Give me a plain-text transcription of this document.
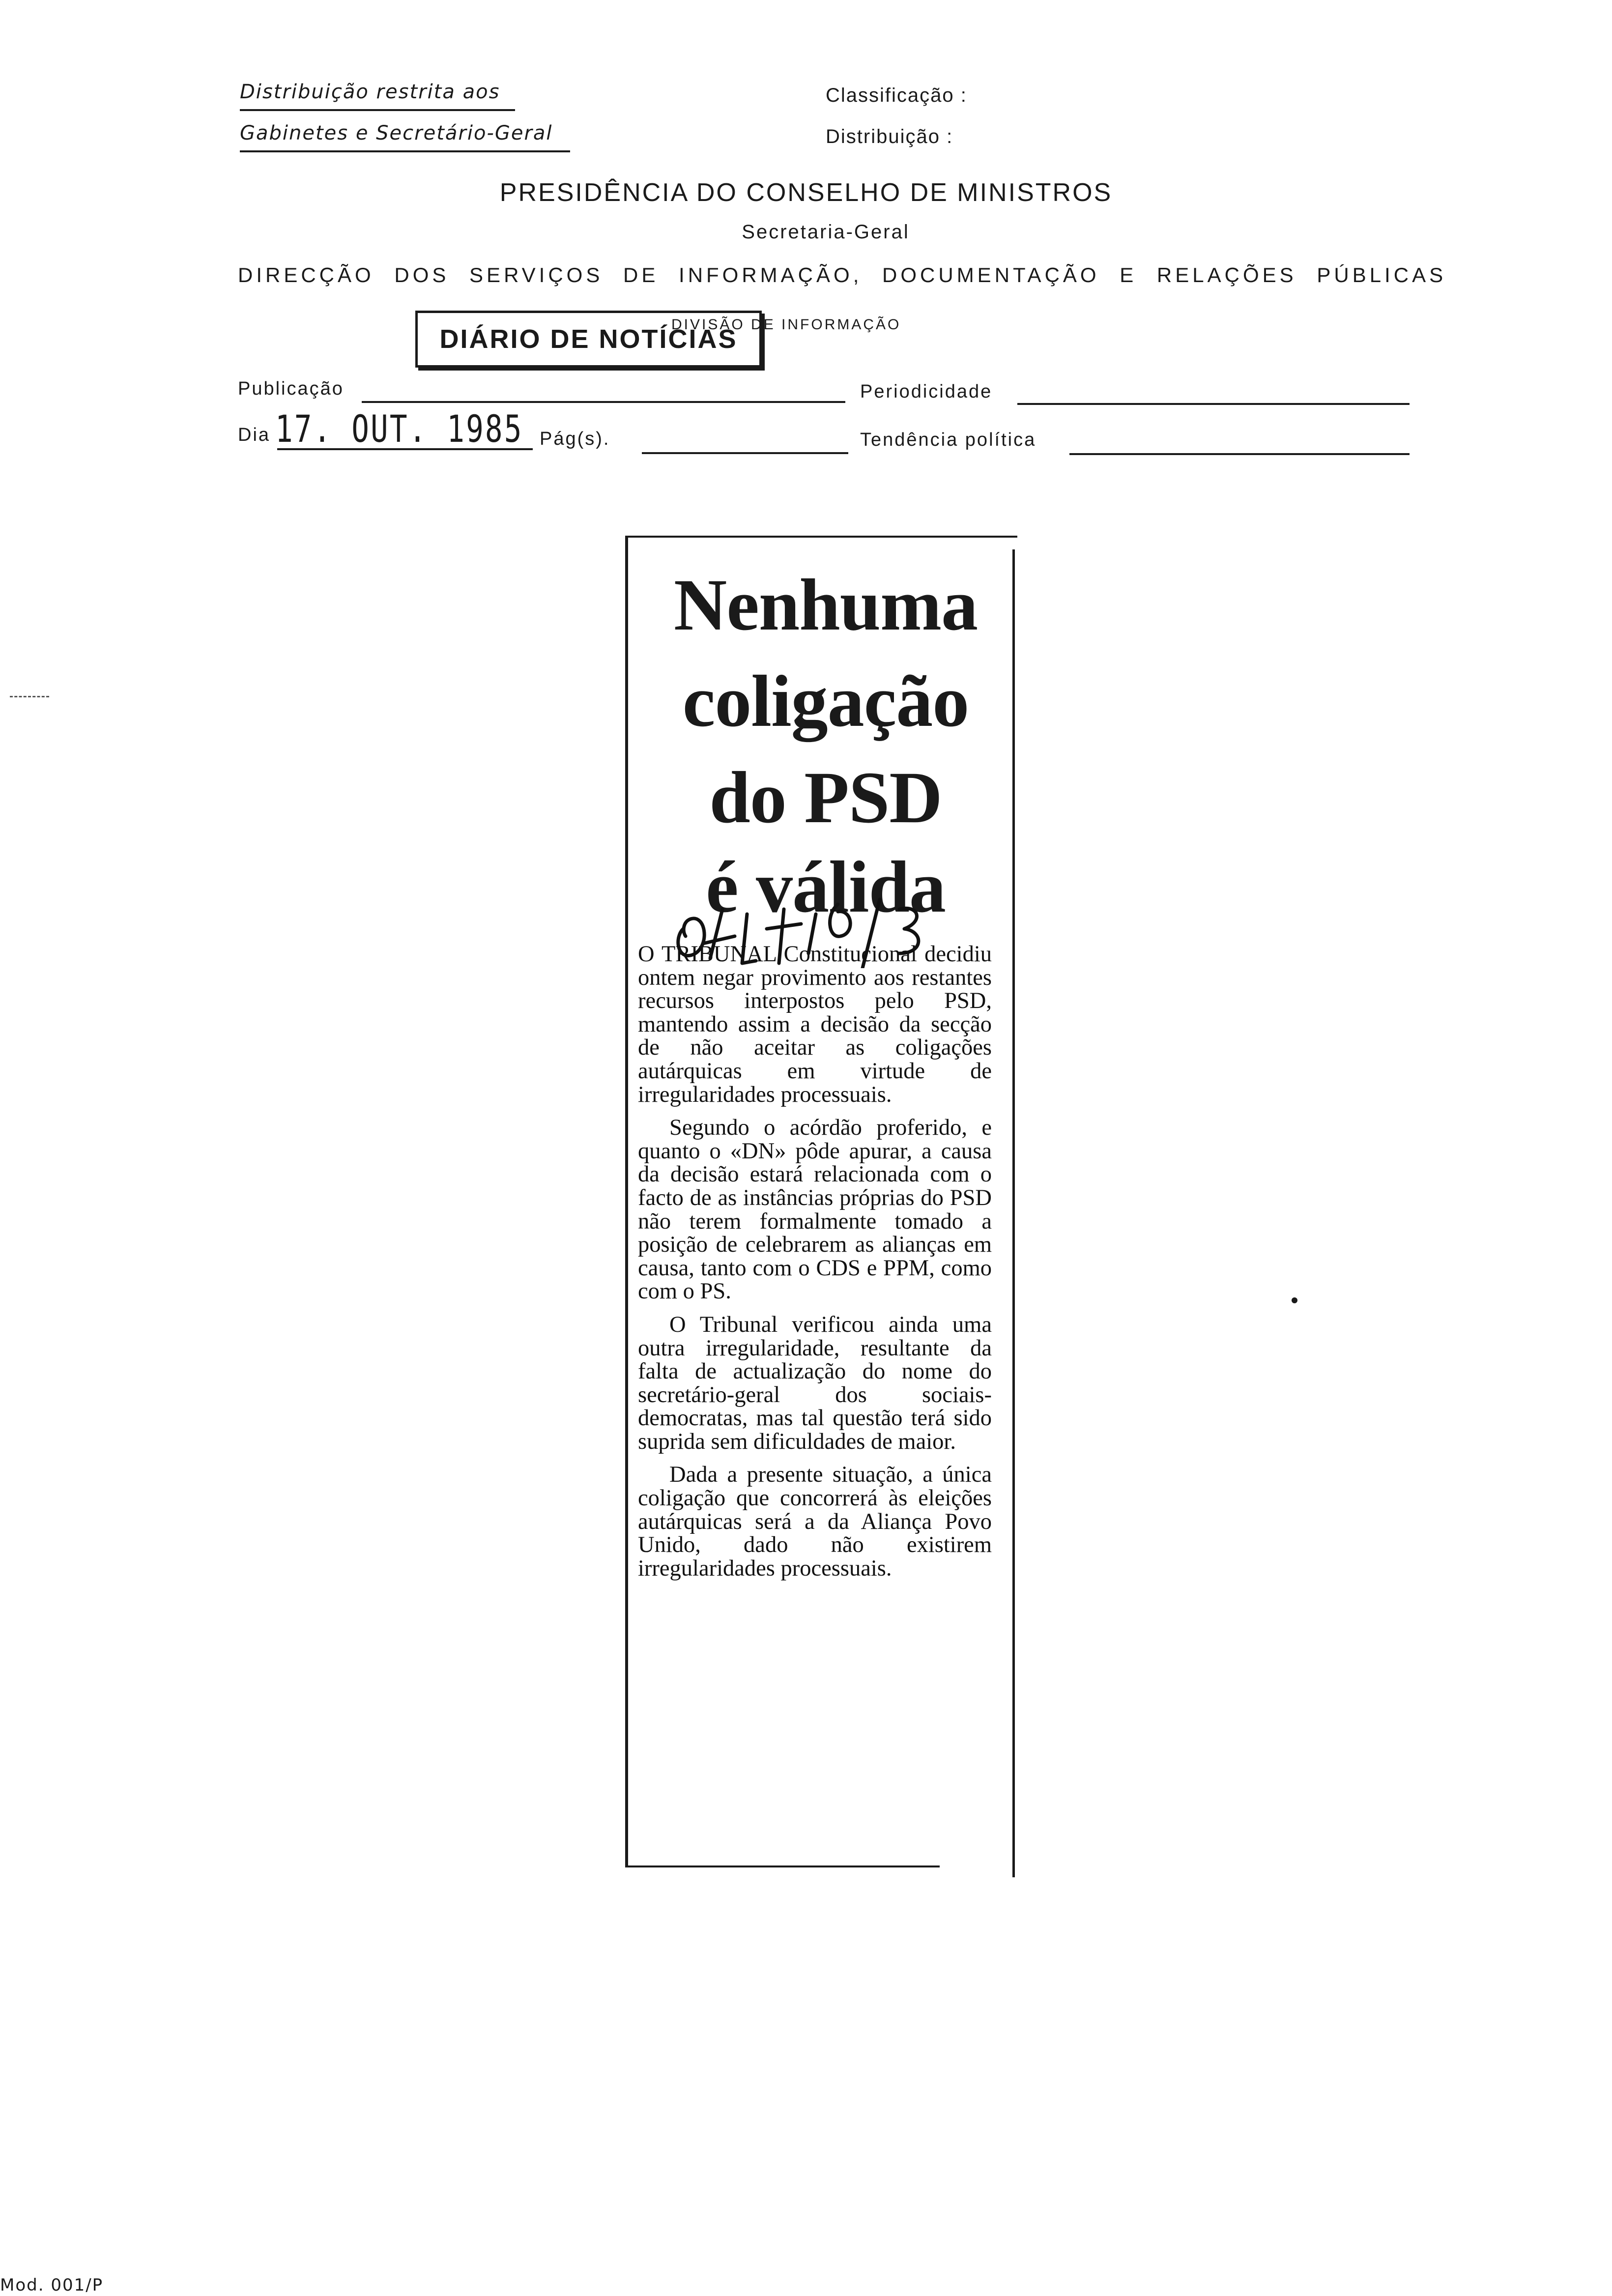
Distribuição restrita aos
Gabinetes e Secretário-Geral
Classificação :
Distribuição :
PRESIDÊNCIA DO CONSELHO DE MINISTROS
Secretaria-Geral
DIRECÇÃO DOS SERVIÇOS DE INFORMAÇÃO, DOCUMENTAÇÃO E RELAÇÕES PÚBLICAS
DIVISÃO DE INFORMAÇÃO
DIÁRIO DE NOTÍCIAS
Publicação	Periodicidade
Dia 17. OUT. 1985 Pág(s).	Tendência política
Nenhuma
coligação
do PSD
é válida

O TRIBUNAL Constitucional decidiu ontem negar provimento aos restantes recursos interpostos pelo PSD, mantendo assim a decisão da secção de não aceitar as coligações autárquicas em virtude de irregularidades processuais.

Segundo o acórdão proferido, e quanto o «DN» pôde apurar, a causa da decisão estará relacionada com o facto de as instâncias próprias do PSD não terem formalmente tomado a posição de celebrarem as alianças em causa, tanto com o CDS e PPM, como com o PS.

O Tribunal verificou ainda uma outra irregularidade, resultante da falta de actualização do nome do secretário-geral dos sociais-democratas, mas tal questão terá sido suprida sem dificuldades de maior.

Dada a presente situação, a única coligação que concorrerá às eleições autárquicas será a da Aliança Povo Unido, dado não existirem irregularidades processuais.

Mod. 001/P
